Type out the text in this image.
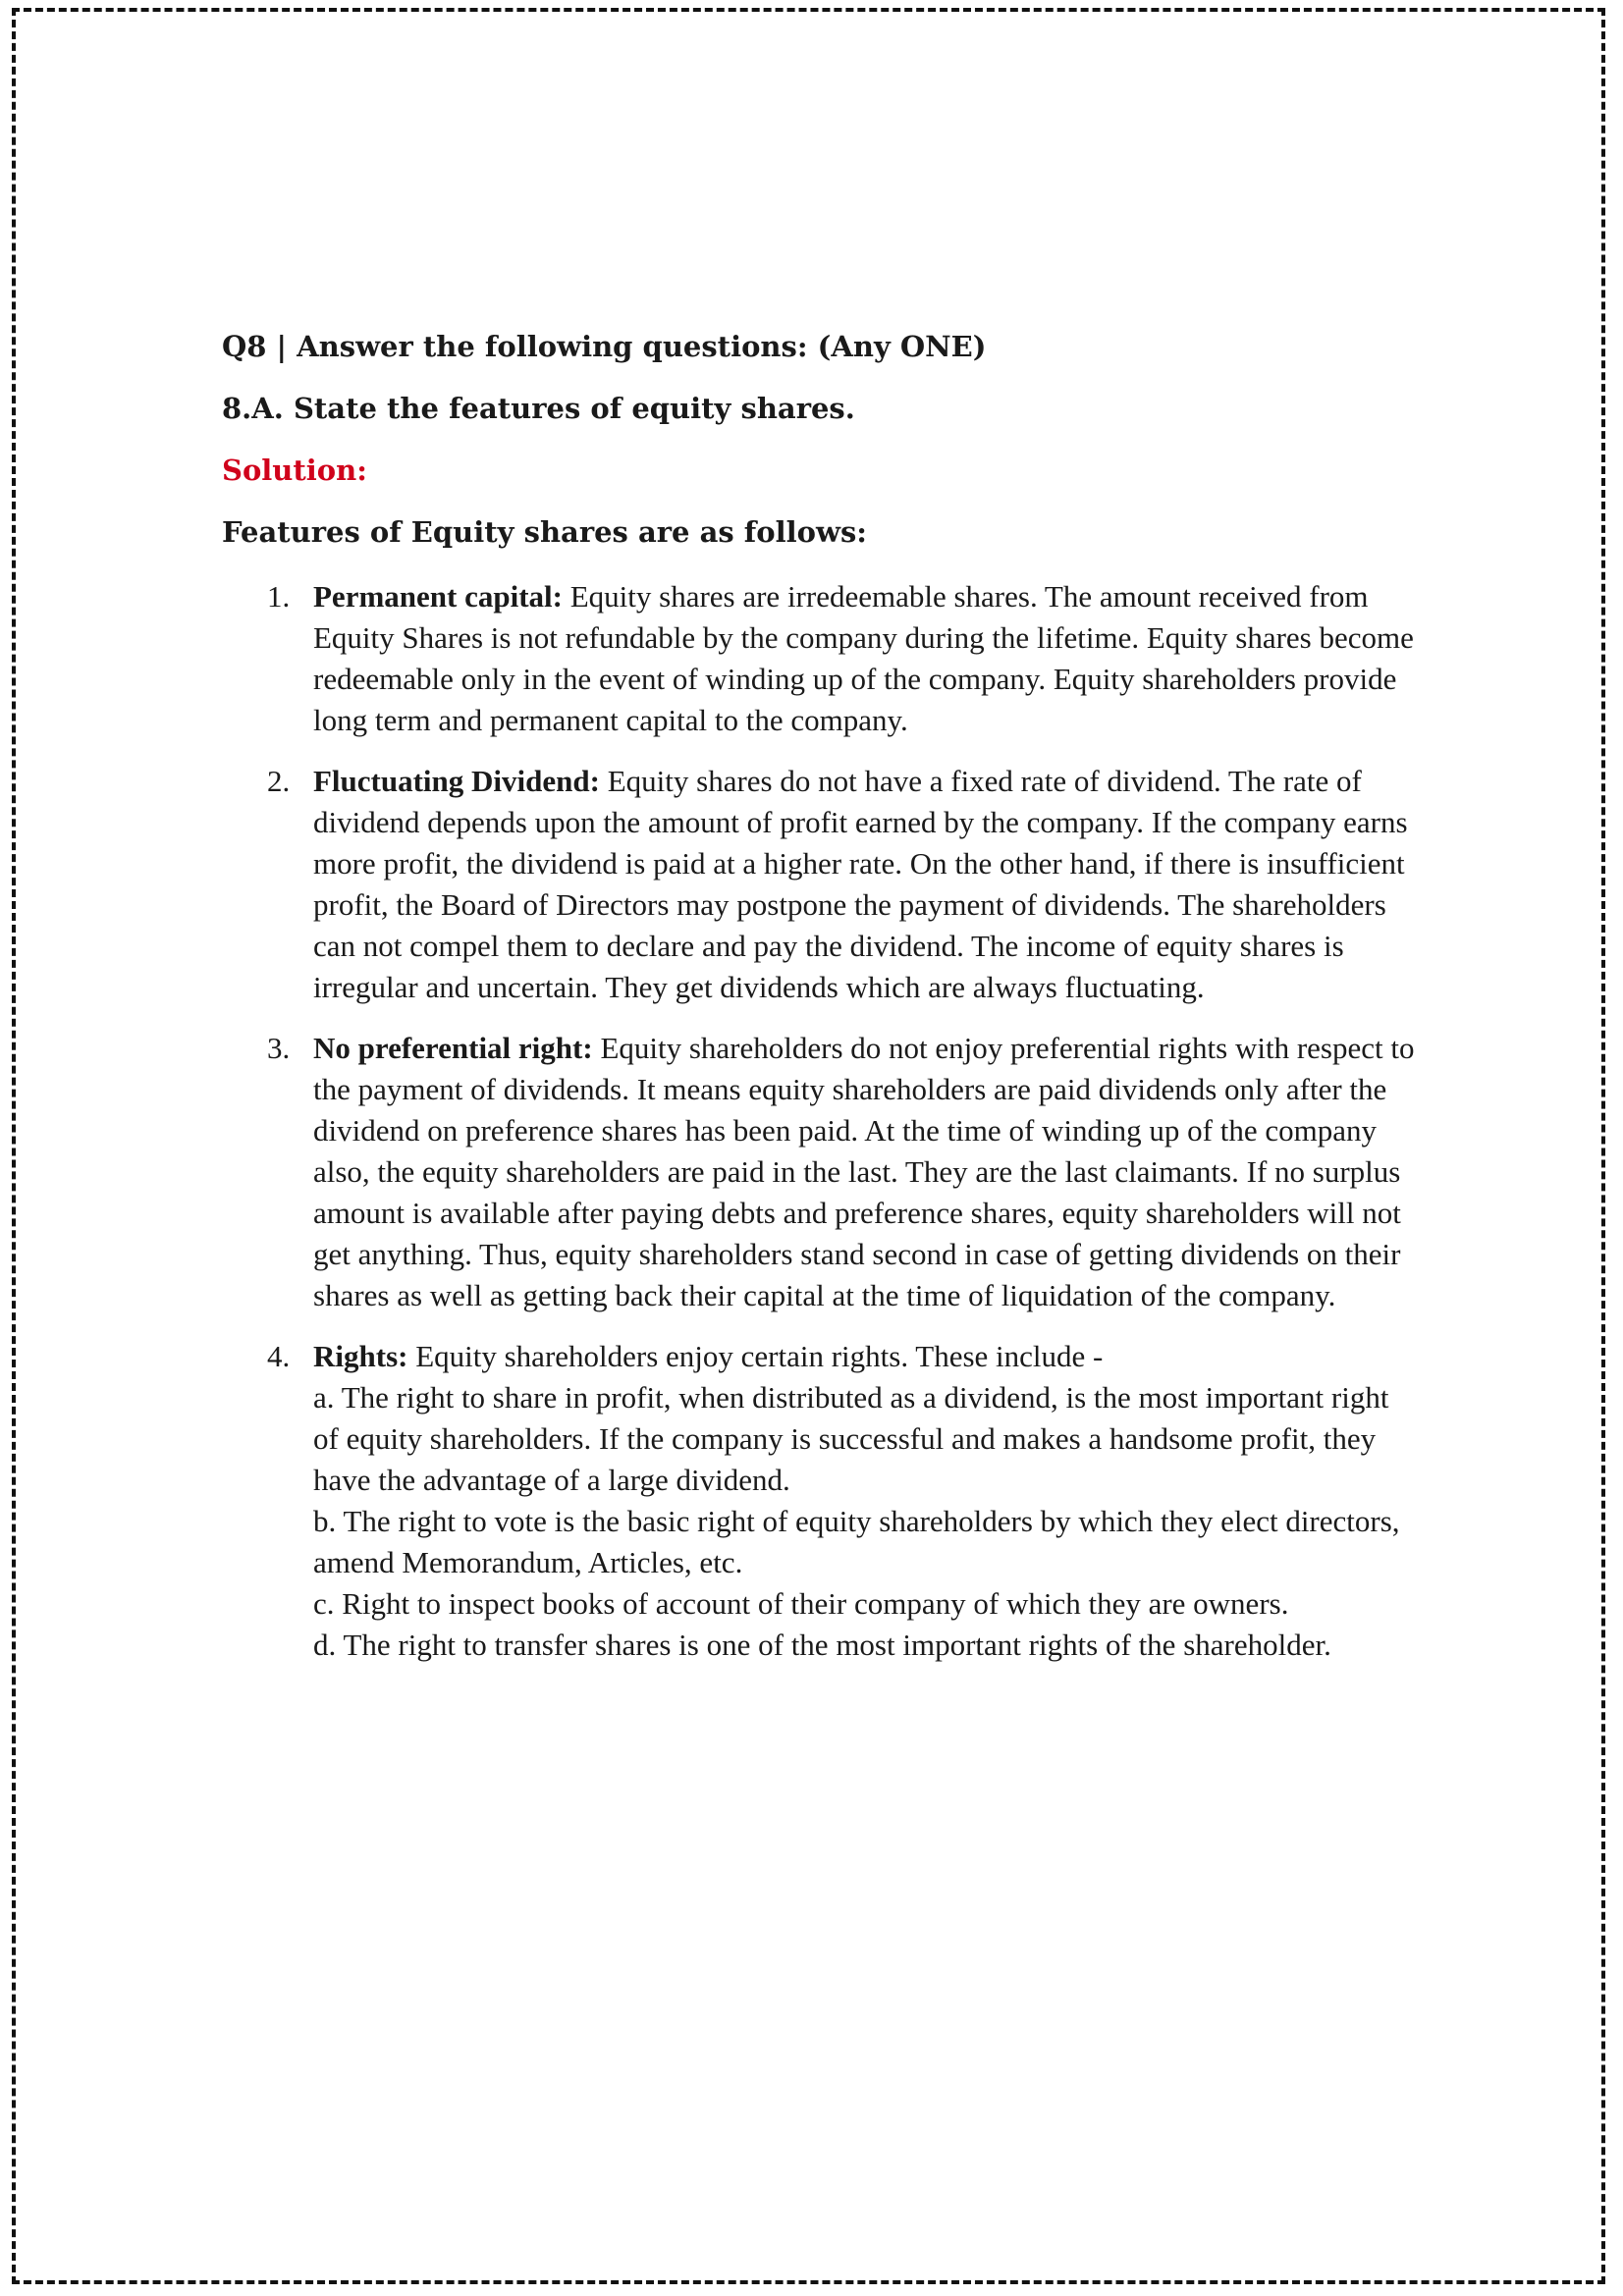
Q8 | Answer the following questions: (Any ONE)
8.A. State the features of equity shares.
Solution:
Features of Equity shares are as follows:
1. Permanent capital: Equity shares are irredeemable shares. The amount received from Equity Shares is not refundable by the company during the lifetime. Equity shares become redeemable only in the event of winding up of the company. Equity shareholders provide long term and permanent capital to the company.
2. Fluctuating Dividend: Equity shares do not have a fixed rate of dividend. The rate of dividend depends upon the amount of profit earned by the company. If the company earns more profit, the dividend is paid at a higher rate. On the other hand, if there is insufficient profit, the Board of Directors may postpone the payment of dividends. The shareholders can not compel them to declare and pay the dividend. The income of equity shares is irregular and uncertain. They get dividends which are always fluctuating.
3. No preferential right: Equity shareholders do not enjoy preferential rights with respect to the payment of dividends. It means equity shareholders are paid dividends only after the dividend on preference shares has been paid. At the time of winding up of the company also, the equity shareholders are paid in the last. They are the last claimants. If no surplus amount is available after paying debts and preference shares, equity shareholders will not get anything. Thus, equity shareholders stand second in case of getting dividends on their shares as well as getting back their capital at the time of liquidation of the company.
4. Rights: Equity shareholders enjoy certain rights. These include -
a. The right to share in profit, when distributed as a dividend, is the most important right of equity shareholders. If the company is successful and makes a handsome profit, they have the advantage of a large dividend.
b. The right to vote is the basic right of equity shareholders by which they elect directors, amend Memorandum, Articles, etc.
c. Right to inspect books of account of their company of which they are owners.
d. The right to transfer shares is one of the most important rights of the shareholder.
